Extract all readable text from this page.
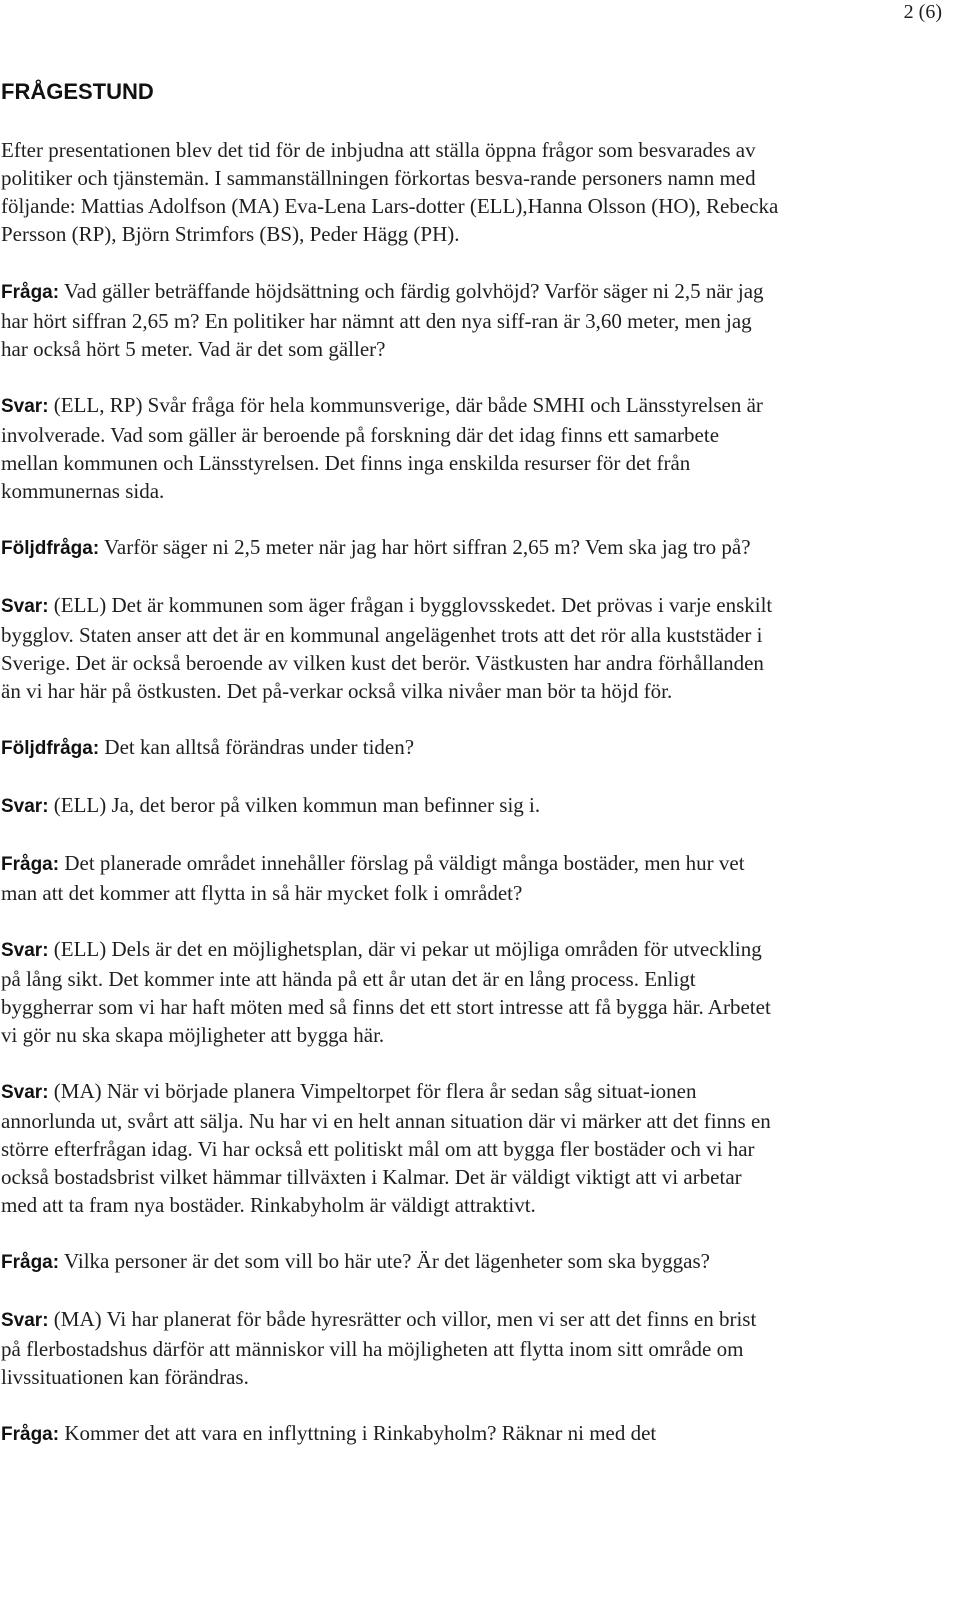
2 (6)
FRÅGESTUND

Efter presentationen blev det tid för de inbjudna att ställa öppna frågor som besvarades av politiker och tjänstemän. I sammanställningen förkortas besva-rande personers namn med följande: Mattias Adolfson (MA) Eva-Lena Lars-dotter (ELL),Hanna Olsson (HO), Rebecka Persson (RP), Björn Strimfors (BS), Peder Hägg (PH).

Fråga: Vad gäller beträffande höjdsättning och färdig golvhöjd? Varför säger ni 2,5 när jag har hört siffran 2,65 m? En politiker har nämnt att den nya siff-ran är 3,60 meter, men jag har också hört 5 meter. Vad är det som gäller?

Svar: (ELL, RP) Svår fråga för hela kommunsverige, där både SMHI och Länsstyrelsen är involverade. Vad som gäller är beroende på forskning där det idag finns ett samarbete mellan kommunen och Länsstyrelsen. Det finns inga enskilda resurser för det från kommunernas sida.

Följdfråga: Varför säger ni 2,5 meter när jag har hört siffran 2,65 m? Vem ska jag tro på?

Svar: (ELL) Det är kommunen som äger frågan i bygglovsskedet. Det prövas i varje enskilt bygglov. Staten anser att det är en kommunal angelägenhet trots att det rör alla kuststäder i Sverige. Det är också beroende av vilken kust det berör. Västkusten har andra förhållanden än vi har här på östkusten. Det på-verkar också vilka nivåer man bör ta höjd för.

Följdfråga: Det kan alltså förändras under tiden?

Svar: (ELL) Ja, det beror på vilken kommun man befinner sig i.

Fråga: Det planerade området innehåller förslag på väldigt många bostäder, men hur vet man att det kommer att flytta in så här mycket folk i området?

Svar: (ELL) Dels är det en möjlighetsplan, där vi pekar ut möjliga områden för utveckling på lång sikt. Det kommer inte att hända på ett år utan det är en lång process. Enligt byggherrar som vi har haft möten med så finns det ett stort intresse att få bygga här. Arbetet vi gör nu ska skapa möjligheter att bygga här.

Svar: (MA) När vi började planera Vimpeltorpet för flera år sedan såg situat-ionen annorlunda ut, svårt att sälja. Nu har vi en helt annan situation där vi märker att det finns en större efterfrågan idag. Vi har också ett politiskt mål om att bygga fler bostäder och vi har också bostadsbrist vilket hämmar tillväxten i Kalmar. Det är väldigt viktigt att vi arbetar med att ta fram nya bostäder. Rinkabyholm är väldigt attraktivt.

Fråga: Vilka personer är det som vill bo här ute? Är det lägenheter som ska byggas?

Svar: (MA) Vi har planerat för både hyresrätter och villor, men vi ser att det finns en brist på flerbostadshus därför att människor vill ha möjligheten att flytta inom sitt område om livssituationen kan förändras.

Fråga: Kommer det att vara en inflyttning i Rinkabyholm? Räknar ni med det
